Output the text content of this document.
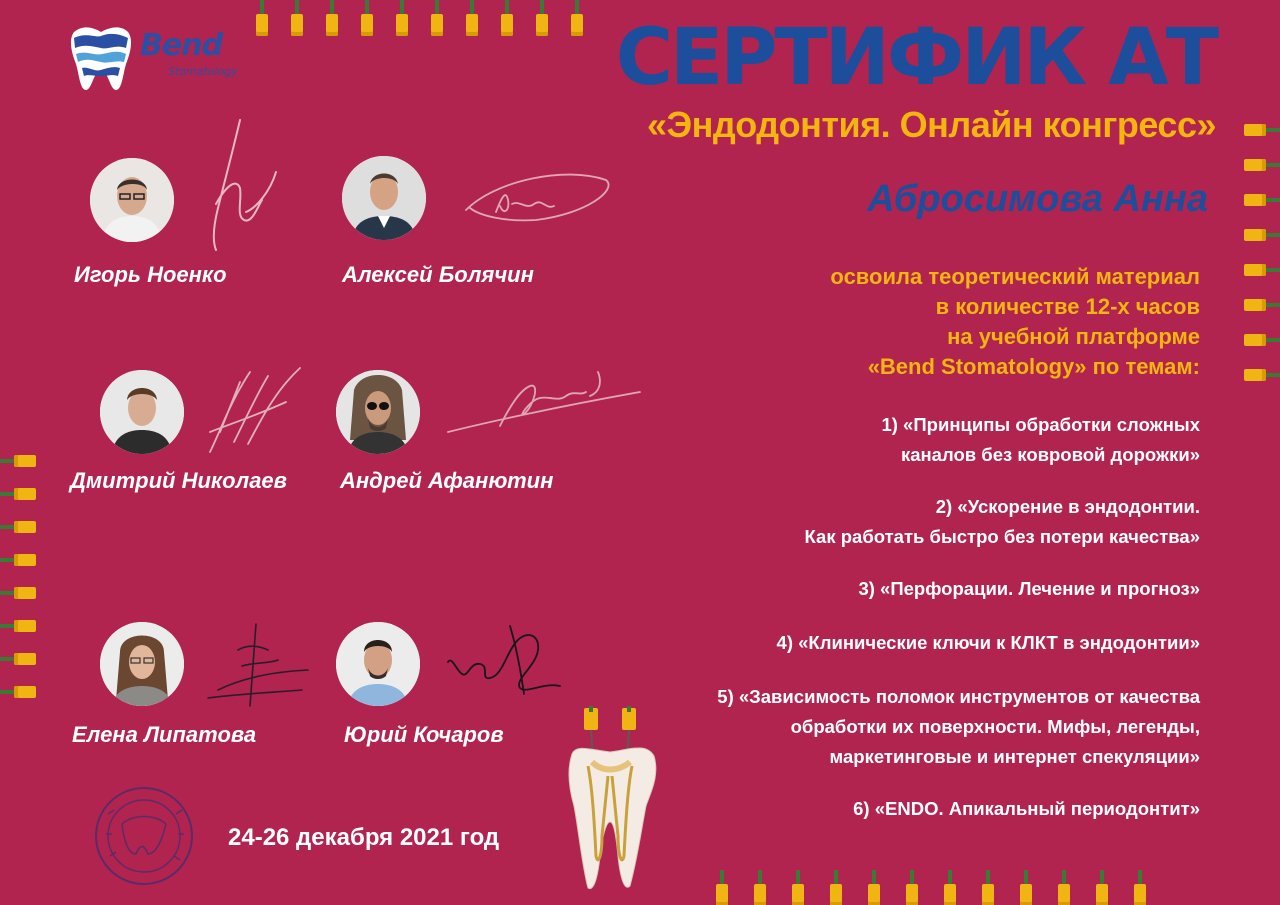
Bend
Stomatology	СЕРТИФИК АТ
«Эндодонтия. Онлайн конгресс»
Абросимова Анна
освоила теоретический материал
в количестве 12-х часов
на учебной платформе
«Bend Stomatology» по темам:
1) «Принципы обработки сложных
каналов без ковровой дорожки»
2) «Ускорение в эндодонтии.
Как работать быстро без потери качества»
3) «Перфорации. Лечение и прогноз»
4) «Клинические ключи к КЛКТ в эндодонтии»
5) «Зависимость поломок инструментов от качества
обработки их поверхности. Мифы, легенды,
маркетинговые и интернет спекуляции»
6) «ENDO. Апикальный периодонтит»
Игорь Ноенко	Алексей Болячин
Дмитрий Николаев Андрей Афанютин
Елена Липатова	Юрий Кочаров
24-26 декабря 2021 год
